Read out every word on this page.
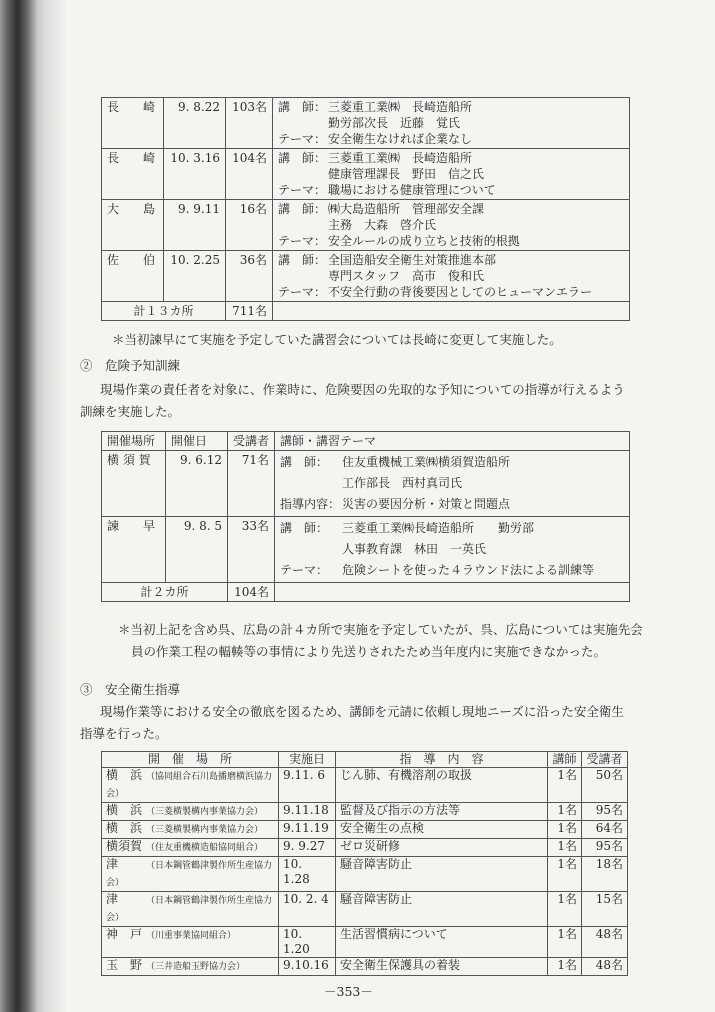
長　　崎	9. 8.22	103名	講　師： 三菱重工業㈱　長崎造船所
勤労部次長　近藤　覚氏
テーマ： 安全衛生なければ企業なし

長　　崎	10. 3.16	104名	講　師： 三菱重工業㈱　長崎造船所
健康管理課長　野田　信之氏
テーマ： 職場における健康管理について

大　　島	9. 9.11	16名	講　師： ㈱大島造船所　管理部安全課
主務　大森　啓介氏
テーマ： 安全ルールの成り立ちと技術的根拠

佐　　伯	10. 2.25	36名	講　師： 全国造船安全衛生対策推進本部
専門スタッフ　高市　俊和氏
テーマ： 不安全行動の背後要因としてのヒューマンエラー

計１３カ所		711名	
＊当初諫早にて実施を予定していた講習会については長崎に変更して実施した。
②　危険予知訓練
現場作業の責任者を対象に、作業時に、危険要因の先取的な予知についての指導が行えるよう
訓練を実施した。
開催場所	開催日	受講者	講師・講習テーマ
横 須 賀	9. 6.12	71名	講　師： 住友重機械工業㈱横須賀造船所
工作部長　西村真司氏
指導内容： 災害の要因分析・対策と問題点

諫　　早	9. 8. 5	33名	講　師： 三菱重工業㈱長崎造船所　　勤労部
人事教育課　林田　一英氏
テーマ： 危険シートを使った４ラウンド法による訓練等

計２カ所		104名	
＊当初上記を含め呉、広島の計４カ所で実施を予定していたが、呉、広島については実施先会
員の作業工程の輻輳等の事情により先送りされたため当年度内に実施できなかった。
③　安全衛生指導
現場作業等における安全の徹底を図るため、講師を元請に依頼し現地ニーズに沿った安全衛生
指導を行った。
開　催　場　所	実施日	指　導　内　容	講師	受講者
横　浜 （協同組合石川島播磨横浜協力会）	9.11. 6	じん肺、有機溶剤の取扱	1名	50名
横　浜 （三菱横製構内事業協力会）	9.11.18	監督及び指示の方法等	1名	95名
横　浜 （三菱横製構内事業協力会）	9.11.19	安全衛生の点検	1名	64名
横須賀 （住友重機横造船協同組合）	9. 9.27	ゼロ災研修	1名	95名
津 （日本鋼管鶴津製作所生産協力会）	10. 1.28	騒音障害防止	1名	18名
津 （日本鋼管鶴津製作所生産協力会）	10. 2. 4	騒音障害防止	1名	15名
神　戸 （川重事業協同組合）	10. 1.20	生活習慣病について	1名	48名
玉　野 （三井造船玉野協力会）	9.10.16	安全衛生保護具の着装	1名	48名
－353－
